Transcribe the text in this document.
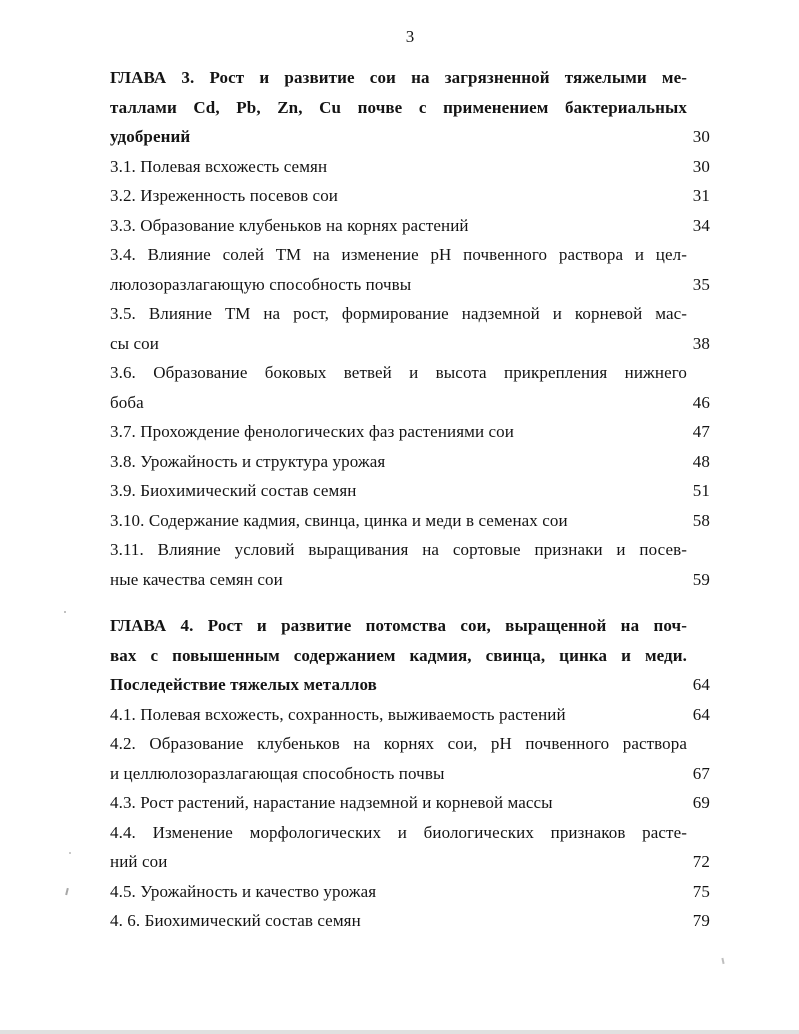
3
ГЛАВА 3. Рост и развитие сои на загрязненной тяжелыми ме-
таллами Cd, Pb, Zn, Cu почве с применением бактериальных
удобрений	30
3.1. Полевая всхожесть семян	30
3.2. Изреженность посевов сои	31
3.3. Образование клубеньков на корнях растений	34
3.4. Влияние солей ТМ на изменение рН почвенного раствора и цел-
люлозоразлагающую способность почвы	35
3.5. Влияние ТМ на рост, формирование надземной и корневой мас-
сы сои	38
3.6. Образование боковых ветвей и высота прикрепления нижнего
боба	46
3.7. Прохождение фенологических фаз растениями сои	47
3.8. Урожайность и структура урожая	48
3.9. Биохимический состав семян	51
3.10. Содержание кадмия, свинца, цинка и меди в семенах сои	58
3.11. Влияние условий выращивания на сортовые признаки и посев-
ные качества семян сои	59
ГЛАВА 4. Рост и развитие потомства сои, выращенной на поч-
вах с повышенным содержанием кадмия, свинца, цинка и меди.
Последействие тяжелых металлов	64
4.1. Полевая всхожесть, сохранность, выживаемость растений	64
4.2. Образование клубеньков на корнях сои, рН почвенного раствора
и целлюлозоразлагающая способность почвы	67
4.3. Рост растений, нарастание надземной и корневой массы	69
4.4. Изменение морфологических и биологических признаков расте-
ний сои	72
4.5. Урожайность и качество урожая	75
4. 6. Биохимический состав семян	79
